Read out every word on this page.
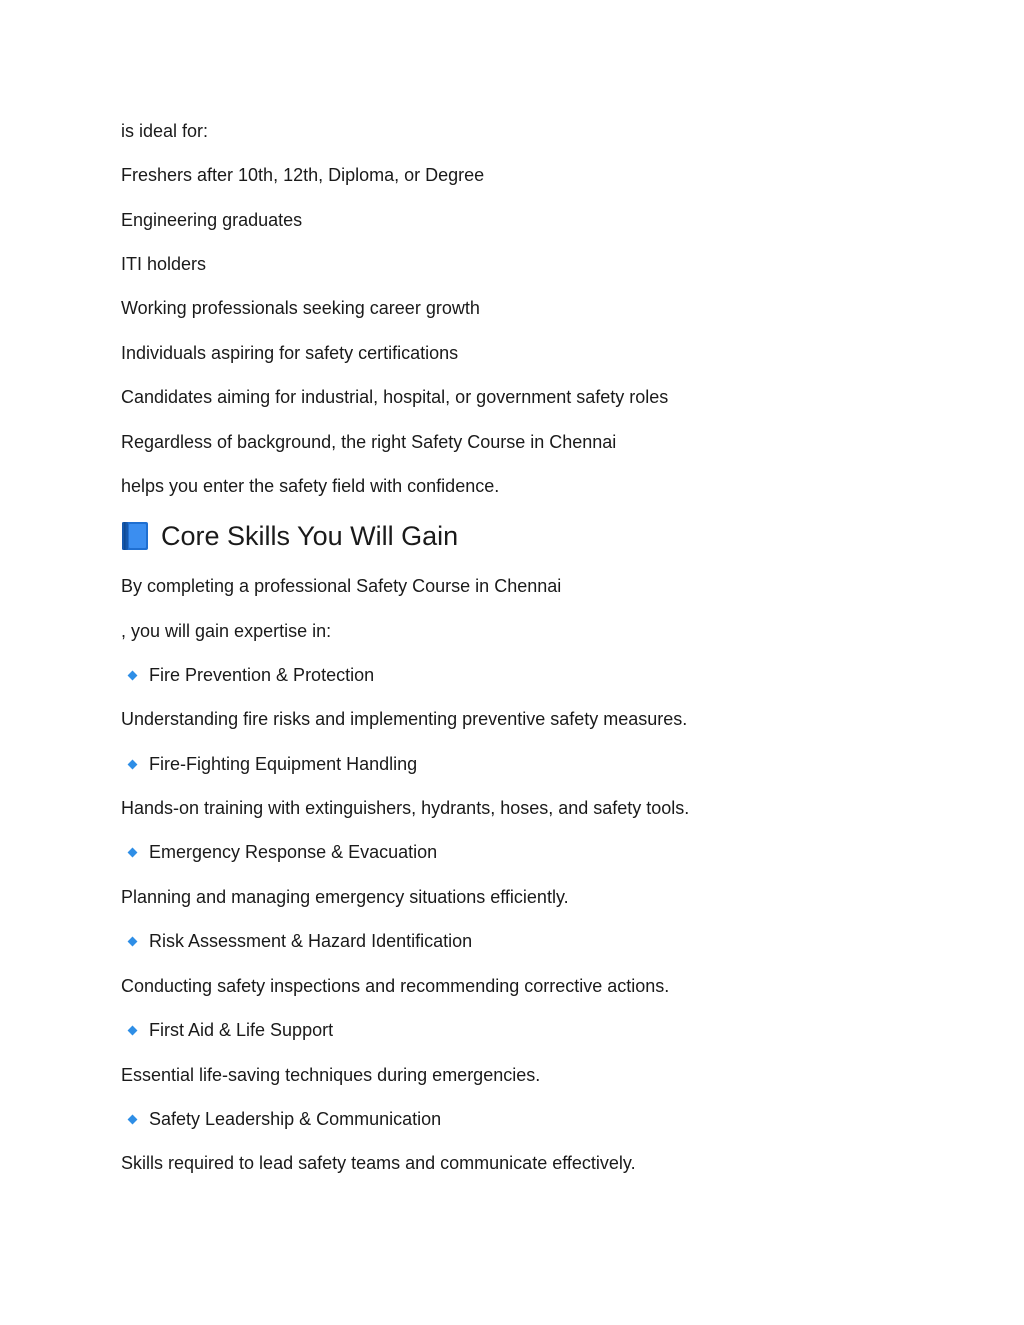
is ideal for:

Freshers after 10th, 12th, Diploma, or Degree

Engineering graduates

ITI holders

Working professionals seeking career growth

Individuals aspiring for safety certifications

Candidates aiming for industrial, hospital, or government safety roles

Regardless of background, the right Safety Course in Chennai

helps you enter the safety field with confidence.

Core Skills You Will Gain

By completing a professional Safety Course in Chennai

, you will gain expertise in:

Fire Prevention & Protection

Understanding fire risks and implementing preventive safety measures.

Fire-Fighting Equipment Handling

Hands-on training with extinguishers, hydrants, hoses, and safety tools.

Emergency Response & Evacuation

Planning and managing emergency situations efficiently.

Risk Assessment & Hazard Identification

Conducting safety inspections and recommending corrective actions.

First Aid & Life Support

Essential life-saving techniques during emergencies.

Safety Leadership & Communication

Skills required to lead safety teams and communicate effectively.
